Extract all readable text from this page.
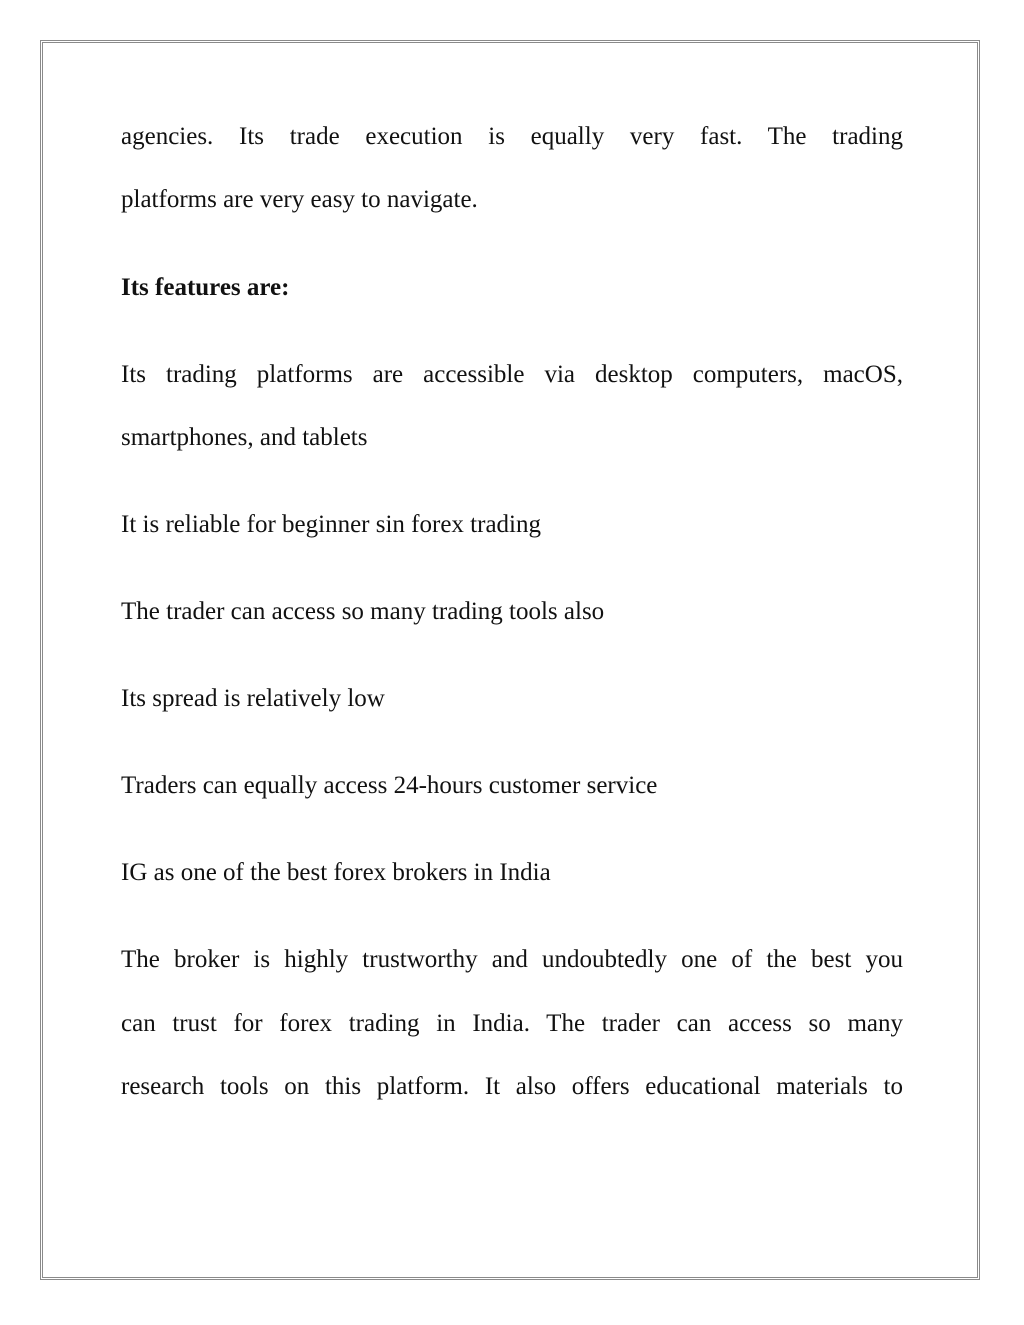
agencies. Its trade execution is equally very fast. The trading

platforms are very easy to navigate.

Its features are:

Its trading platforms are accessible via desktop computers, macOS,

smartphones, and tablets

It is reliable for beginner sin forex trading

The trader can access so many trading tools also

Its spread is relatively low

Traders can equally access 24-hours customer service

IG as one of the best forex brokers in India

The broker is highly trustworthy and undoubtedly one of the best you

can trust for forex trading in India. The trader can access so many

research tools on this platform. It also offers educational materials to
